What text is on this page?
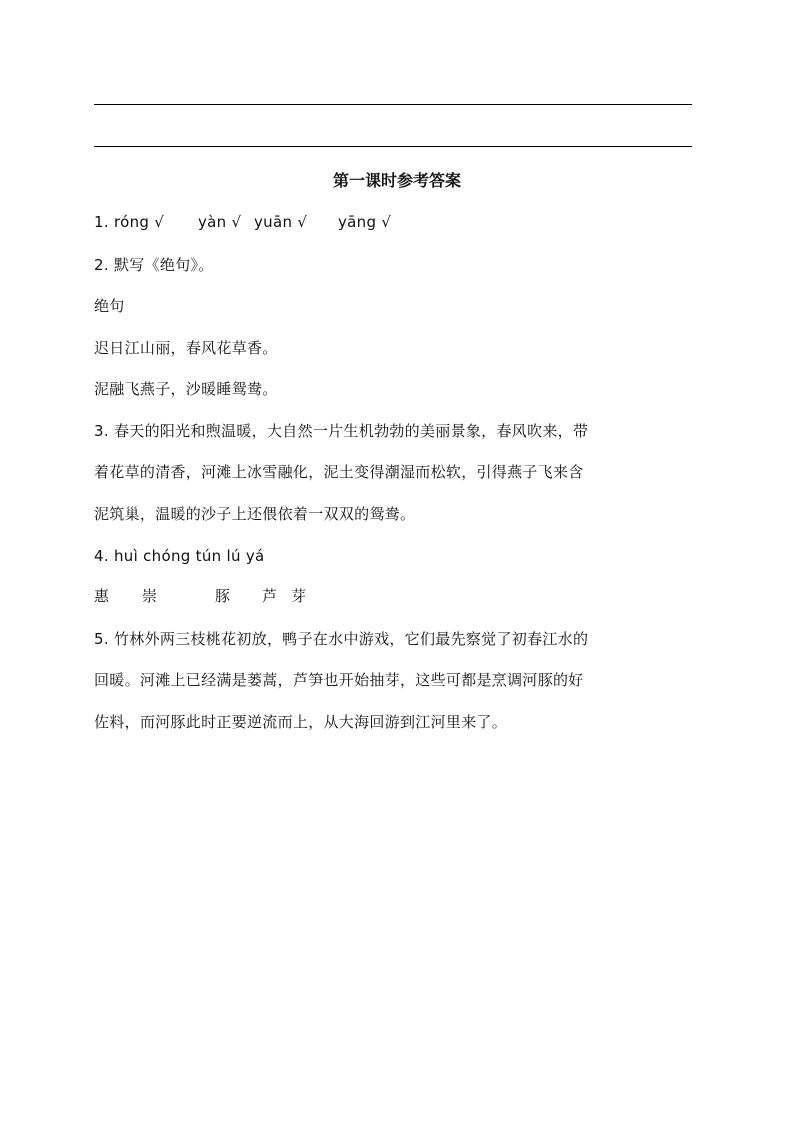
第一课时参考答案
1. róng √ yàn √ yuān √ yāng √
2. 默写《绝句》。
绝句
迟日江山丽，春风花草香。
泥融飞燕子，沙暖睡鸳鸯。
3. 春天的阳光和煦温暖，大自然一片生机勃勃的美丽景象，春风吹来，带
着花草的清香，河滩上冰雪融化，泥土变得潮湿而松软，引得燕子飞来含
泥筑巢，温暖的沙子上还偎依着一双双的鸳鸯。
4. huì chóng tún lú yá
惠 崇	豚 芦 芽
5. 竹林外两三枝桃花初放，鸭子在水中游戏，它们最先察觉了初春江水的
回暖。河滩上已经满是蒌蒿，芦笋也开始抽芽，这些可都是烹调河豚的好
佐料，而河豚此时正要逆流而上，从大海回游到江河里来了。
